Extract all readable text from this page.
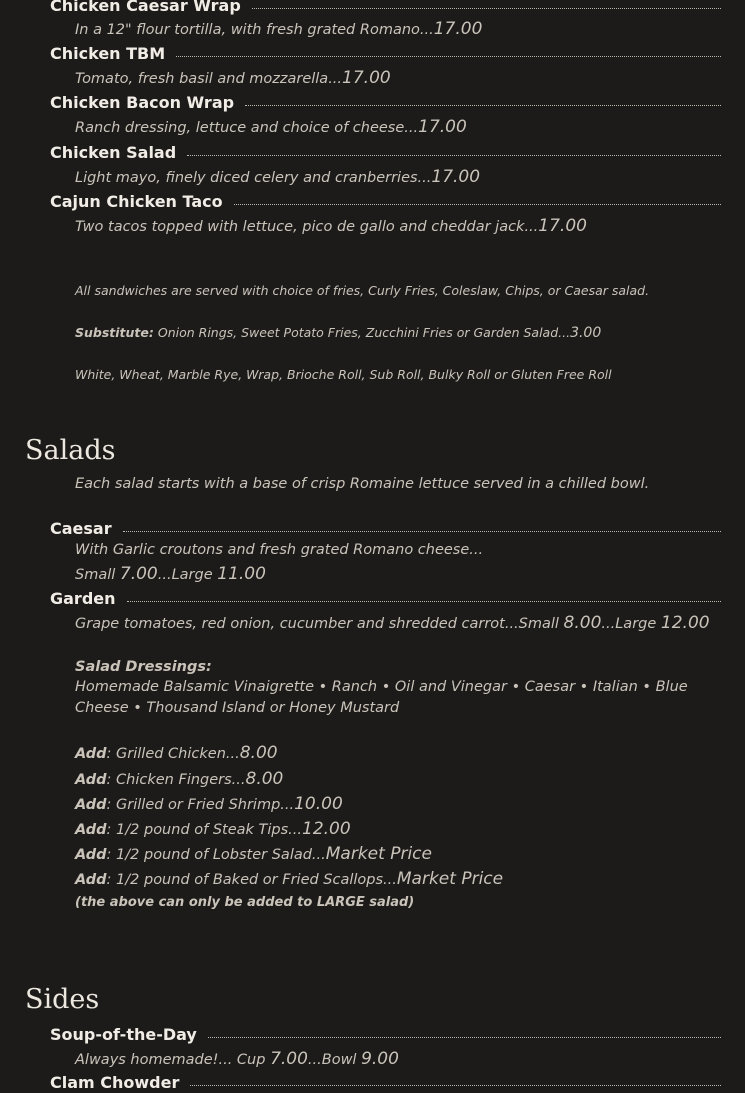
Chicken Caesar Wrap
In a 12" flour tortilla, with fresh grated Romano...17.00
Chicken TBM
Tomato, fresh basil and mozzarella...17.00
Chicken Bacon Wrap
Ranch dressing, lettuce and choice of cheese...17.00
Chicken Salad
Light mayo, finely diced celery and cranberries...17.00
Cajun Chicken Taco
Two tacos topped with lettuce, pico de gallo and cheddar jack...17.00
All sandwiches are served with choice of fries, Curly Fries, Coleslaw, Chips, or Caesar salad.
Substitute: Onion Rings, Sweet Potato Fries, Zucchini Fries or Garden Salad...3.00
White, Wheat, Marble Rye, Wrap, Brioche Roll, Sub Roll, Bulky Roll or Gluten Free Roll
Salads
Each salad starts with a base of crisp Romaine lettuce served in a chilled bowl.
Caesar
With Garlic croutons and fresh grated Romano cheese...
Small 7.00...Large 11.00
Garden
Grape tomatoes, red onion, cucumber and shredded carrot...Small 8.00...Large 12.00
Salad Dressings:
Homemade Balsamic Vinaigrette • Ranch • Oil and Vinegar • Caesar • Italian • Blue Cheese • Thousand Island or Honey Mustard
Add: Grilled Chicken...8.00
Add: Chicken Fingers...8.00
Add: Grilled or Fried Shrimp...10.00
Add: 1/2 pound of Steak Tips...12.00
Add: 1/2 pound of Lobster Salad...Market Price
Add: 1/2 pound of Baked or Fried Scallops...Market Price
(the above can only be added to LARGE salad)
Sides
Soup-of-the-Day
Always homemade!... Cup 7.00...Bowl 9.00
Clam Chowder
